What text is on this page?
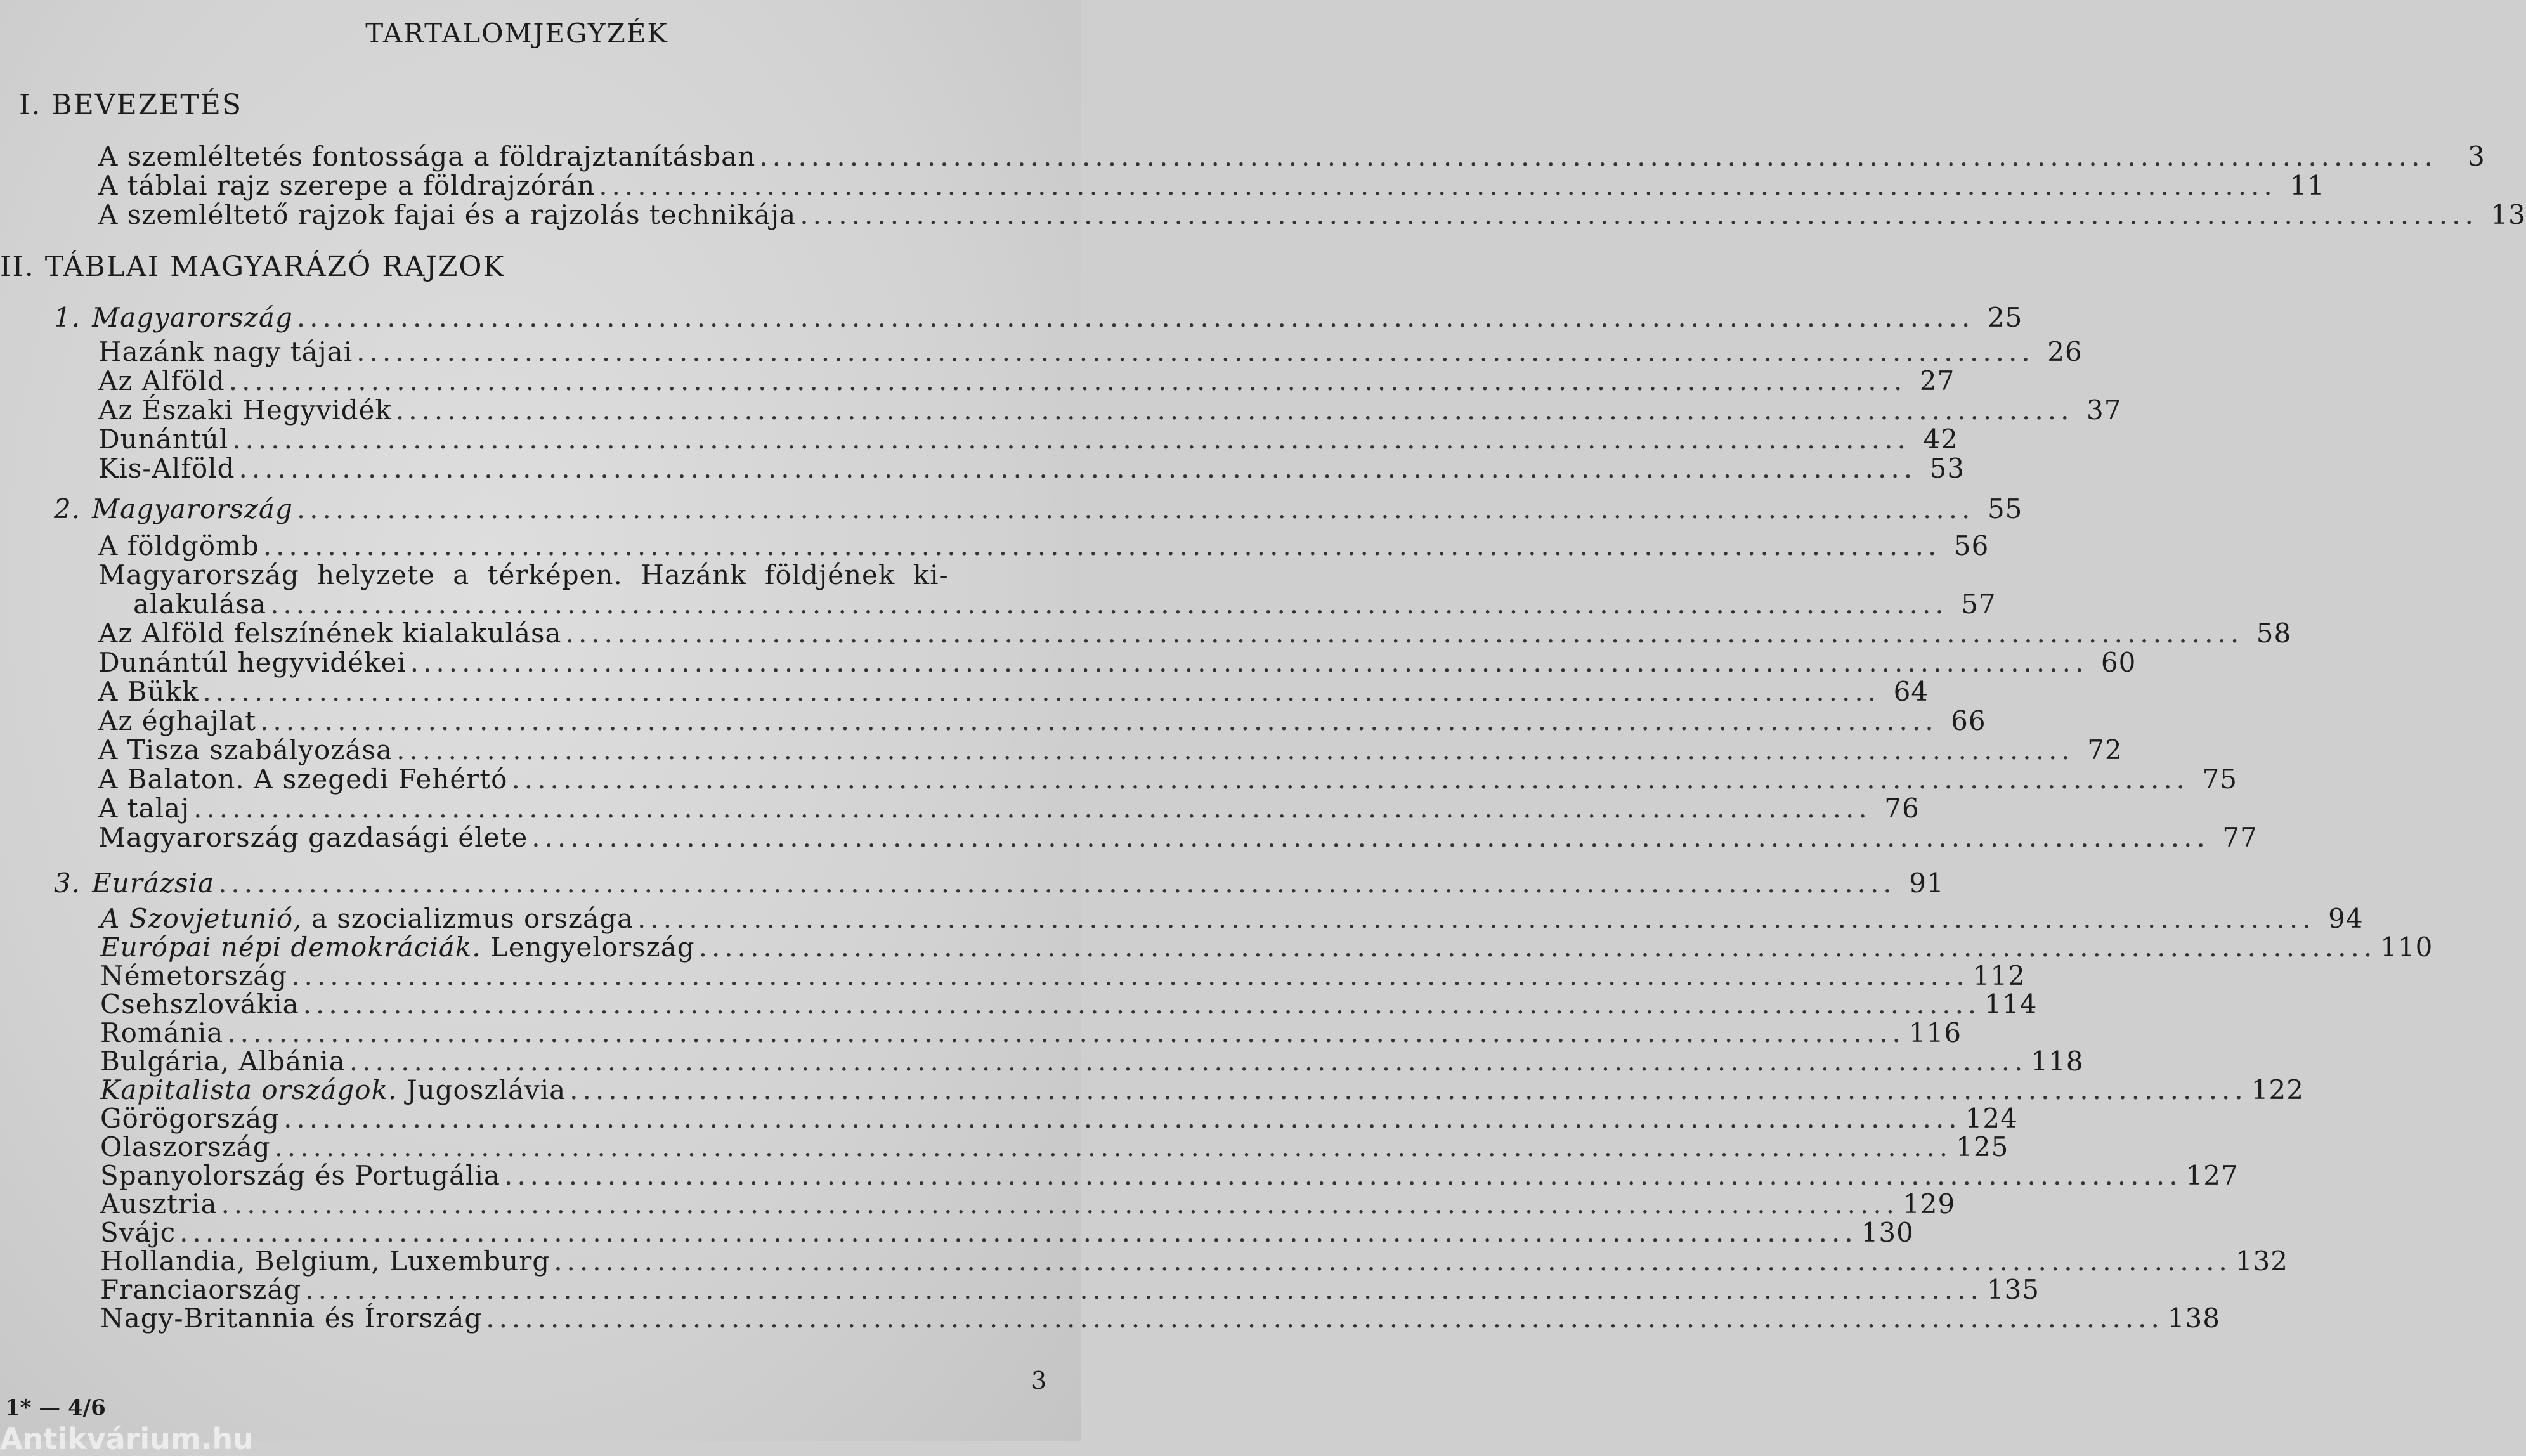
TARTALOMJEGYZÉK
I. BEVEZETÉS
A szemléltetés fontossága a földrajztanításban ..................................................................................................................................	3
A táblai rajz szerepe a földrajzórán .................................................................................................................................. 11
A szemléltető rajzok fajai és a rajzolás technikája .................................................................................................................................. 13
II. TÁBLAI MAGYARÁZÓ RAJZOK
1. Magyarország .................................................................................................................................. 25
Hazánk nagy tájai .................................................................................................................................. 26
Az Alföld .................................................................................................................................. 27
Az Északi Hegyvidék .................................................................................................................................. 37
Dunántúl .................................................................................................................................. 42
Kis-Alföld .................................................................................................................................. 53
2. Magyarország .................................................................................................................................. 55
A földgömb .................................................................................................................................. 56
Magyarország helyzete a térképen. Hazánk földjének ki-
alakulása .................................................................................................................................. 57
Az Alföld felszínének kialakulása .................................................................................................................................. 58
Dunántúl hegyvidékei .................................................................................................................................. 60
A Bükk .................................................................................................................................. 64
Az éghajlat .................................................................................................................................. 66
A Tisza szabályozása .................................................................................................................................. 72
A Balaton. A szegedi Fehértó .................................................................................................................................. 75
A talaj .................................................................................................................................. 76
Magyarország gazdasági élete .................................................................................................................................. 77
3. Eurázsia .................................................................................................................................. 91
A Szovjetunió, a szocializmus országa .................................................................................................................................. 94
Európai népi demokráciák. Lengyelország .................................................................................................................................. 110
Németország .................................................................................................................................. 112
Csehszlovákia .................................................................................................................................. 114
Románia .................................................................................................................................. 116
Bulgária, Albánia .................................................................................................................................. 118
Kapitalista országok. Jugoszlávia .................................................................................................................................. 122
Görögország .................................................................................................................................. 124
Olaszország .................................................................................................................................. 125
Spanyolország és Portugália .................................................................................................................................. 127
Ausztria .................................................................................................................................. 129
Svájc .................................................................................................................................. 130
Hollandia, Belgium, Luxemburg .................................................................................................................................. 132
Franciaország .................................................................................................................................. 135
Nagy-Britannia és Írország .................................................................................................................................. 138
3
1* — 4/6
Antikvárium.hu
